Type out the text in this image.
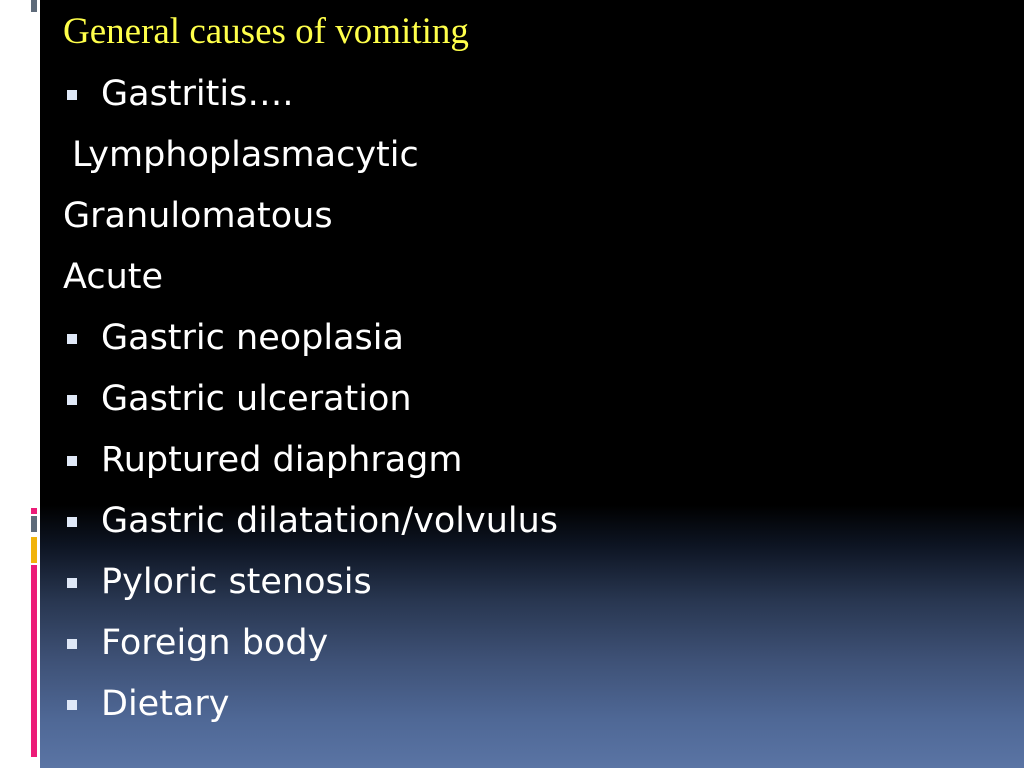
General causes of vomiting
Gastritis….
Lymphoplasmacytic
Granulomatous
Acute
Gastric neoplasia
Gastric ulceration
Ruptured diaphragm
Gastric dilatation/volvulus
Pyloric stenosis
Foreign body
Dietary
